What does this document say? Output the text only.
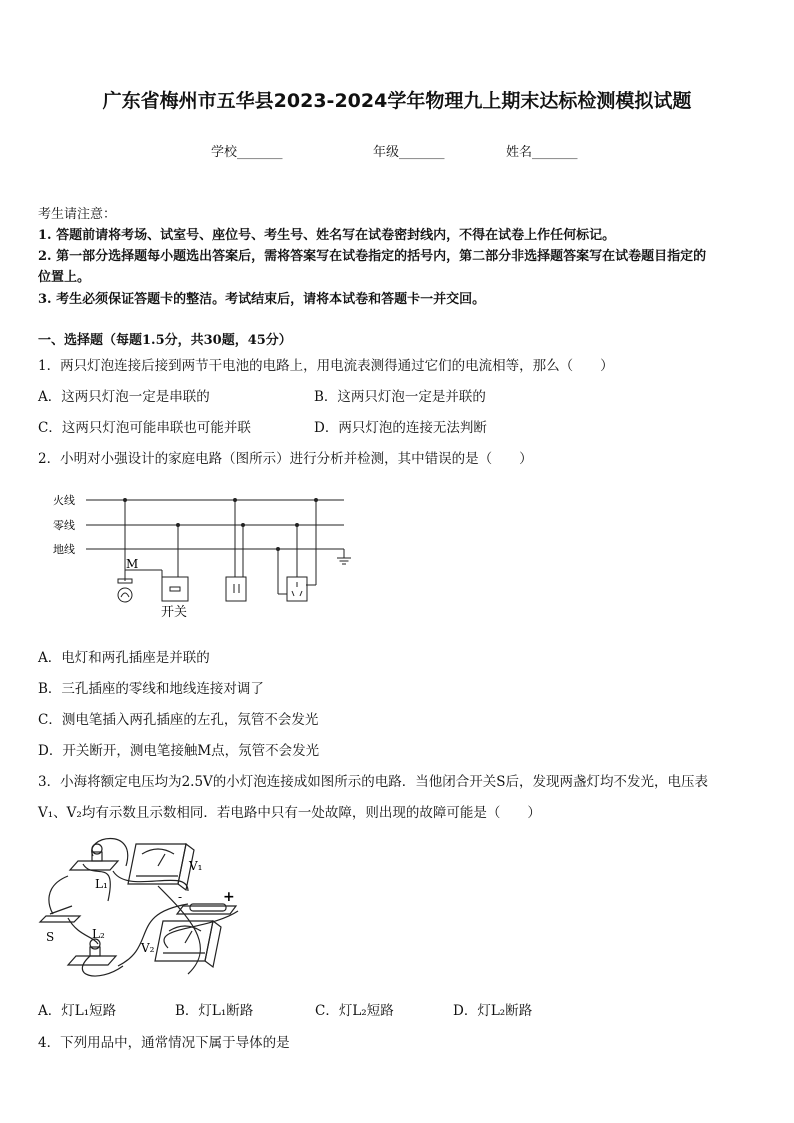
广东省梅州市五华县2023-2024学年物理九上期末达标检测模拟试题
学校_______	年级_______	姓名_______
考生请注意：
1. 答题前请将考场、试室号、座位号、考生号、姓名写在试卷密封线内，不得在试卷上作任何标记。
2. 第一部分选择题每小题选出答案后，需将答案写在试卷指定的括号内，第二部分非选择题答案写在试卷题目指定的
位置上。
3. 考生必须保证答题卡的整洁。考试结束后，请将本试卷和答题卡一并交回。
一、选择题（每题1.5分，共30题，45分）
1．两只灯泡连接后接到两节干电池的电路上，用电流表测得通过它们的电流相等，那么（　　）
A．这两只灯泡一定是串联的	B．这两只灯泡一定是并联的
C．这两只灯泡可能串联也可能并联	D．两只灯泡的连接无法判断
2．小明对小强设计的家庭电路（图所示）进行分析并检测，其中错误的是（　　）
火线
零线
地线
M
开关
A．电灯和两孔插座是并联的
B．三孔插座的零线和地线连接对调了
C．测电笔插入两孔插座的左孔，氖管不会发光
D．开关断开，测电笔接触M点，氖管不会发光
3．小海将额定电压均为2.5V的小灯泡连接成如图所示的电路．当他闭合开关S后，发现两盏灯均不发光，电压表
V₁、V₂均有示数且示数相同．若电路中只有一处故障，则出现的故障可能是（　　）
L₁
L₂
V₁
V₂
S
+
-
A．灯L₁短路	B．灯L₁断路	C．灯L₂短路	D．灯L₂断路
4．下列用品中，通常情况下属于导体的是
